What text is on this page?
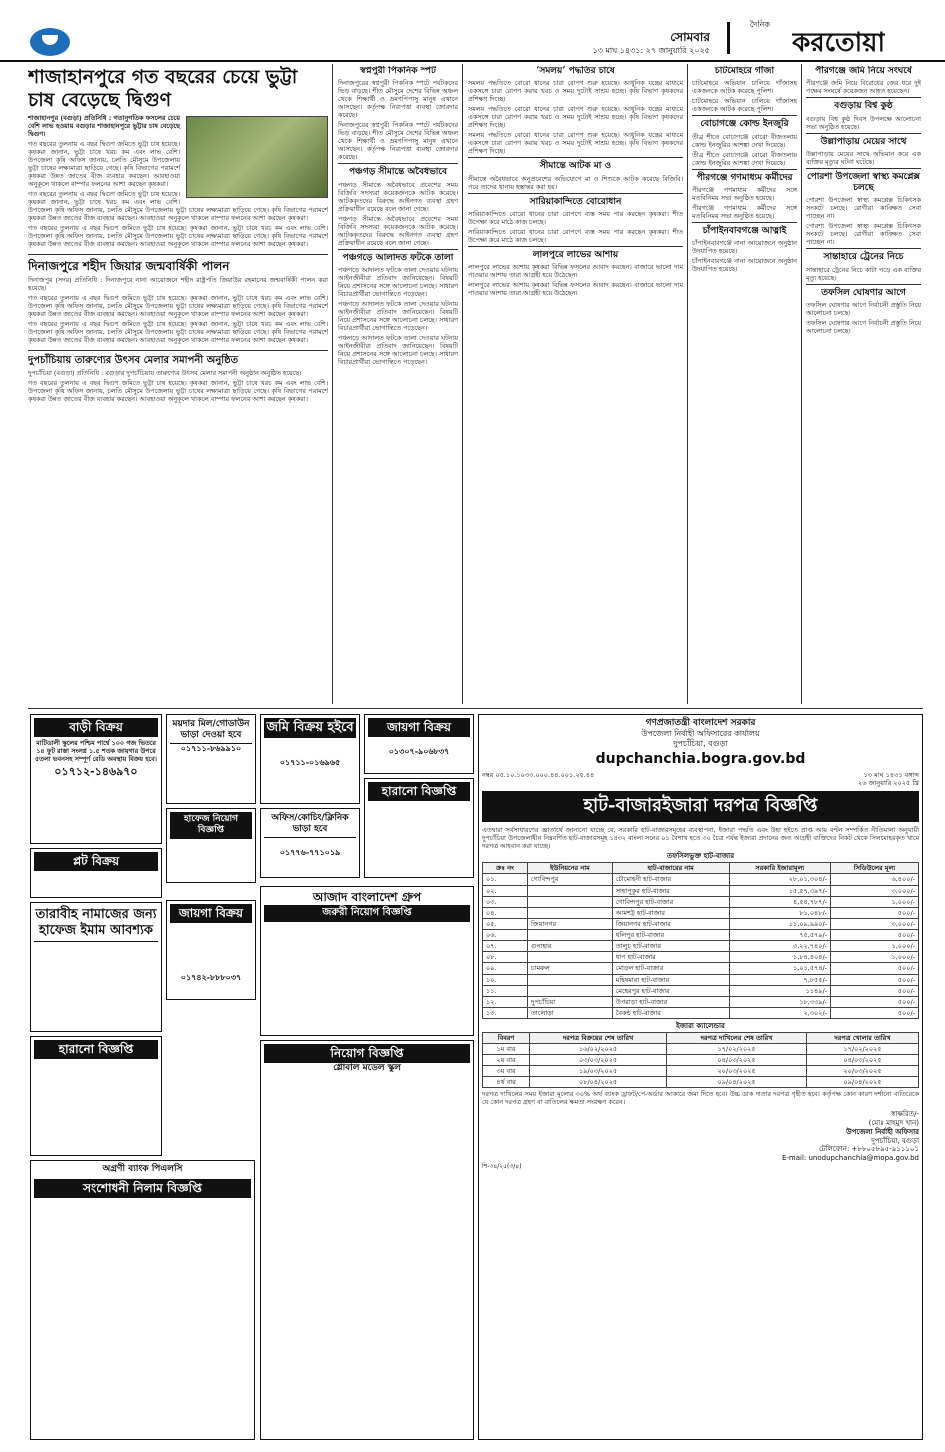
সোমবার
১৩ মাঘ ১৪৩১: ২৭ জানুয়ারি ২০২৫
দৈনিক
করতোয়া
শাজাহানপুরে গত বছরের চেয়ে ভুট্টা চাষ বেড়েছে দ্বিগুণ

শাজাহানপুর (বগুড়া) প্রতিনিধি : গতানুগতিক ফসলের চেয়ে বেশি লাভ হওয়ায় বগুড়ার শাজাহানপুরে ভুট্টার চাষ বেড়েছে দ্বিগুণ।

গত বছরের তুলনায় এ বছর দ্বিগুণ জমিতে ভুট্টা চাষ হয়েছে। কৃষকরা জানান, ভুট্টা চাষে খরচ কম এবং লাভ বেশি। উপজেলা কৃষি অফিস জানায়, চলতি মৌসুমে উপজেলায় ভুট্টা চাষের লক্ষ্যমাত্রা ছাড়িয়ে গেছে। কৃষি বিভাগের পরামর্শে কৃষকরা উন্নত জাতের বীজ ব্যবহার করছেন। আবহাওয়া অনুকূলে থাকলে বাম্পার ফলনের আশা করছেন কৃষকরা।

গত বছরের তুলনায় এ বছর দ্বিগুণ জমিতে ভুট্টা চাষ হয়েছে। কৃষকরা জানান, ভুট্টা চাষে খরচ কম এবং লাভ বেশি। উপজেলা কৃষি অফিস জানায়, চলতি মৌসুমে উপজেলায় ভুট্টা চাষের লক্ষ্যমাত্রা ছাড়িয়ে গেছে। কৃষি বিভাগের পরামর্শে কৃষকরা উন্নত জাতের বীজ ব্যবহার করছেন। আবহাওয়া অনুকূলে থাকলে বাম্পার ফলনের আশা করছেন কৃষকরা।

গত বছরের তুলনায় এ বছর দ্বিগুণ জমিতে ভুট্টা চাষ হয়েছে। কৃষকরা জানান, ভুট্টা চাষে খরচ কম এবং লাভ বেশি। উপজেলা কৃষি অফিস জানায়, চলতি মৌসুমে উপজেলায় ভুট্টা চাষের লক্ষ্যমাত্রা ছাড়িয়ে গেছে। কৃষি বিভাগের পরামর্শে কৃষকরা উন্নত জাতের বীজ ব্যবহার করছেন। আবহাওয়া অনুকূলে থাকলে বাম্পার ফলনের আশা করছেন কৃষকরা।

দিনাজপুরে শহীদ জিয়ার জন্মবার্ষিকী পালন

দিনাজপুর (সদর) প্রতিনিধি : দিনাজপুরে নানা আয়োজনে শহীদ রাষ্ট্রপতি জিয়াউর রহমানের জন্মবার্ষিকী পালন করা হয়েছে।

গত বছরের তুলনায় এ বছর দ্বিগুণ জমিতে ভুট্টা চাষ হয়েছে। কৃষকরা জানান, ভুট্টা চাষে খরচ কম এবং লাভ বেশি। উপজেলা কৃষি অফিস জানায়, চলতি মৌসুমে উপজেলায় ভুট্টা চাষের লক্ষ্যমাত্রা ছাড়িয়ে গেছে। কৃষি বিভাগের পরামর্শে কৃষকরা উন্নত জাতের বীজ ব্যবহার করছেন। আবহাওয়া অনুকূলে থাকলে বাম্পার ফলনের আশা করছেন কৃষকরা।

গত বছরের তুলনায় এ বছর দ্বিগুণ জমিতে ভুট্টা চাষ হয়েছে। কৃষকরা জানান, ভুট্টা চাষে খরচ কম এবং লাভ বেশি। উপজেলা কৃষি অফিস জানায়, চলতি মৌসুমে উপজেলায় ভুট্টা চাষের লক্ষ্যমাত্রা ছাড়িয়ে গেছে। কৃষি বিভাগের পরামর্শে কৃষকরা উন্নত জাতের বীজ ব্যবহার করছেন। আবহাওয়া অনুকূলে থাকলে বাম্পার ফলনের আশা করছেন কৃষকরা।

দুপচাঁচিয়ায় তারুণ্যের উৎসব মেলার সমাপনী অনুষ্ঠিত

দুপচাঁচিয়া (বগুড়া) প্রতিনিধি : বগুড়ার দুপচাঁচিয়ায় তারুণ্যের উৎসব মেলার সমাপনী অনুষ্ঠান অনুষ্ঠিত হয়েছে।

গত বছরের তুলনায় এ বছর দ্বিগুণ জমিতে ভুট্টা চাষ হয়েছে। কৃষকরা জানান, ভুট্টা চাষে খরচ কম এবং লাভ বেশি। উপজেলা কৃষি অফিস জানায়, চলতি মৌসুমে উপজেলায় ভুট্টা চাষের লক্ষ্যমাত্রা ছাড়িয়ে গেছে। কৃষি বিভাগের পরামর্শে কৃষকরা উন্নত জাতের বীজ ব্যবহার করছেন। আবহাওয়া অনুকূলে থাকলে বাম্পার ফলনের আশা করছেন কৃষকরা।

স্বপ্নপুরী পিকনিক স্পট

দিনাজপুরের স্বপ্নপুরী পিকনিক স্পটে পর্যটকদের ভিড় বাড়ছে। শীত মৌসুমে দেশের বিভিন্ন অঞ্চল থেকে শিক্ষার্থী ও ভ্রমণপিপাসু মানুষ এখানে আসছেন। কর্তৃপক্ষ নিরাপত্তা ব্যবস্থা জোরদার করেছে।

দিনাজপুরের স্বপ্নপুরী পিকনিক স্পটে পর্যটকদের ভিড় বাড়ছে। শীত মৌসুমে দেশের বিভিন্ন অঞ্চল থেকে শিক্ষার্থী ও ভ্রমণপিপাসু মানুষ এখানে আসছেন। কর্তৃপক্ষ নিরাপত্তা ব্যবস্থা জোরদার করেছে।

পঞ্চগড় সীমান্তে অবৈধভাবে

পঞ্চগড় সীমান্তে অবৈধভাবে প্রবেশের সময় বিজিবি সদস্যরা কয়েকজনকে আটক করেছে। আটককৃতদের বিরুদ্ধে আইনগত ব্যবস্থা গ্রহণ প্রক্রিয়াধীন রয়েছে বলে জানা গেছে।

পঞ্চগড় সীমান্তে অবৈধভাবে প্রবেশের সময় বিজিবি সদস্যরা কয়েকজনকে আটক করেছে। আটককৃতদের বিরুদ্ধে আইনগত ব্যবস্থা গ্রহণ প্রক্রিয়াধীন রয়েছে বলে জানা গেছে।

পঞ্চগড়ে আলাদত ফটকে তালা

পঞ্চগড়ে আদালত ফটকে তালা দেওয়ার ঘটনায় আইনজীবীরা প্রতিবাদ জানিয়েছেন। বিষয়টি নিয়ে প্রশাসনের সঙ্গে আলোচনা চলছে। সাধারণ বিচারপ্রার্থীরা ভোগান্তিতে পড়েছেন।

পঞ্চগড়ে আদালত ফটকে তালা দেওয়ার ঘটনায় আইনজীবীরা প্রতিবাদ জানিয়েছেন। বিষয়টি নিয়ে প্রশাসনের সঙ্গে আলোচনা চলছে। সাধারণ বিচারপ্রার্থীরা ভোগান্তিতে পড়েছেন।

পঞ্চগড়ে আদালত ফটকে তালা দেওয়ার ঘটনায় আইনজীবীরা প্রতিবাদ জানিয়েছেন। বিষয়টি নিয়ে প্রশাসনের সঙ্গে আলোচনা চলছে। সাধারণ বিচারপ্রার্থীরা ভোগান্তিতে পড়েছেন।

‘সমলয়’ পদ্ধতির চাষে

সমলয় পদ্ধতিতে বোরো ধানের চারা রোপণ শুরু হয়েছে। আধুনিক যন্ত্রের মাধ্যমে একসঙ্গে চারা রোপণ করায় খরচ ও সময় দুটোই সাশ্রয় হচ্ছে। কৃষি বিভাগ কৃষকদের প্রশিক্ষণ দিচ্ছে।

সমলয় পদ্ধতিতে বোরো ধানের চারা রোপণ শুরু হয়েছে। আধুনিক যন্ত্রের মাধ্যমে একসঙ্গে চারা রোপণ করায় খরচ ও সময় দুটোই সাশ্রয় হচ্ছে। কৃষি বিভাগ কৃষকদের প্রশিক্ষণ দিচ্ছে।

সমলয় পদ্ধতিতে বোরো ধানের চারা রোপণ শুরু হয়েছে। আধুনিক যন্ত্রের মাধ্যমে একসঙ্গে চারা রোপণ করায় খরচ ও সময় দুটোই সাশ্রয় হচ্ছে। কৃষি বিভাগ কৃষকদের প্রশিক্ষণ দিচ্ছে।

সীমান্তে আটক মা ও

সীমান্তে অবৈধভাবে অনুপ্রবেশের অভিযোগে মা ও শিশুকে আটক করেছে বিজিবি। পরে তাদের থানায় হস্তান্তর করা হয়।

সারিয়াকান্দিতে বোরোধান

সারিয়াকান্দিতে বোরো ধানের চারা রোপণে ব্যস্ত সময় পার করছেন কৃষকরা। শীত উপেক্ষা করে মাঠে কাজ চলছে।

সারিয়াকান্দিতে বোরো ধানের চারা রোপণে ব্যস্ত সময় পার করছেন কৃষকরা। শীত উপেক্ষা করে মাঠে কাজ চলছে।

লালপুরে লাভের আশায়

লালপুরে লাভের আশায় কৃষকরা বিভিন্ন ফসলের আবাদ করছেন। বাজারে ভালো দাম পাওয়ার আশায় তারা আগ্রহী হয়ে উঠেছেন।

লালপুরে লাভের আশায় কৃষকরা বিভিন্ন ফসলের আবাদ করছেন। বাজারে ভালো দাম পাওয়ার আশায় তারা আগ্রহী হয়ে উঠেছেন।

চাটমোহরে গাঁজা

চাটমোহরে অভিযান চালিয়ে গাঁজাসহ একজনকে আটক করেছে পুলিশ।

চাটমোহরে অভিযান চালিয়ে গাঁজাসহ একজনকে আটক করেছে পুলিশ।

বোচাগঞ্জে কোল্ড ইনজুরি

তীব্র শীতে বোচাগঞ্জে বোরো বীজতলায় কোল্ড ইনজুরির আশঙ্কা দেখা দিয়েছে।

তীব্র শীতে বোচাগঞ্জে বোরো বীজতলায় কোল্ড ইনজুরির আশঙ্কা দেখা দিয়েছে।

পীরগঞ্জে গণমাধ্যম কর্মীদের

পীরগঞ্জে গণমাধ্যম কর্মীদের সঙ্গে মতবিনিময় সভা অনুষ্ঠিত হয়েছে।

পীরগঞ্জে গণমাধ্যম কর্মীদের সঙ্গে মতবিনিময় সভা অনুষ্ঠিত হয়েছে।

চাঁপাইনবাবগঞ্জে আত্নাই

চাঁপাইনবাবগঞ্জে নানা আয়োজনে অনুষ্ঠান উদযাপিত হয়েছে।

চাঁপাইনবাবগঞ্জে নানা আয়োজনে অনুষ্ঠান উদযাপিত হয়েছে।

পীরগঞ্জে জমি নিয়ে সংঘর্ষে

পীরগঞ্জে জমি নিয়ে বিরোধের জের ধরে দুই পক্ষের সংঘর্ষে কয়েকজন আহত হয়েছেন।

বগুড়ায় বিশ্ব কুষ্ঠ

বগুড়ায় বিশ্ব কুষ্ঠ দিবস উপলক্ষে আলোচনা সভা অনুষ্ঠিত হয়েছে।

উল্লাপাড়ায় মেয়ের সাথে

উল্লাপাড়ায় মেয়ের সাথে অভিমান করে এক ব্যক্তির মৃত্যুর ঘটনা ঘটেছে।

পোরশা উপজেলা স্বাস্থ্য কমপ্লেক্স চলছে

পোরশা উপজেলা স্বাস্থ্য কমপ্লেক্স চিকিৎসক সংকটে চলছে। রোগীরা কাঙ্ক্ষিত সেবা পাচ্ছেন না।

পোরশা উপজেলা স্বাস্থ্য কমপ্লেক্স চিকিৎসক সংকটে চলছে। রোগীরা কাঙ্ক্ষিত সেবা পাচ্ছেন না।

সান্তাহারে ট্রেনের নিচে

সান্তাহারে ট্রেনের নিচে কাটা পড়ে এক ব্যক্তির মৃত্যু হয়েছে।

তফসিল ঘোষণার আগে

তফসিল ঘোষণার আগে নির্বাচনী প্রস্তুতি নিয়ে আলোচনা চলছে।

তফসিল ঘোষণার আগে নির্বাচনী প্রস্তুতি নিয়ে আলোচনা চলছে।

বাড়ী বিক্রয়

মাটিডালী স্কুলের পশ্চিম পার্শ্বে ১০০ গজ ভিতরে ১৪ ফুট রাস্তা সংলগ্ন ১.৫ শতক জায়গার উপরে ৫তলা ভবনসহ সম্পূর্ণ রেডি অবস্থায় বিক্রয় হবে।

০১৭১২-১৪৬৯৭০
প্লট বিক্রয়
তারাবীহ নামাজের জন্য হাফেজ ইমাম আবশ্যক
হারানো বিজ্ঞপ্তি
অগ্রণী ব্যাংক পিএলসি
সংশোধনী নিলাম বিজ্ঞপ্তি
ময়দার মিল/গোডাউন ভাড়া দেওয়া হবে
০১৭১১-৮৬৯৯১০
হাফেজ নিয়োগ বিজ্ঞপ্তি
জায়গা বিক্রয়
০১৭৪২-৮৮৮০৩৭
জমি বিক্রয় হইবে
০১৭১১-০১৬৯৬৫
অফিস/কোচিং/ক্লিনিক ভাড়া হবে
০১৭৭৬-৭৭১০১৯
জায়গা বিক্রয়
০১৩০৭-৯০৬৮৩৭
হারানো বিজ্ঞপ্তি
আজাদ বাংলাদেশ গ্রুপ
জরুরী নিয়োগ বিজ্ঞপ্তি
নিয়োগ বিজ্ঞপ্তি
গ্লোবাল মডেল স্কুল
গণপ্রজাতন্ত্রী বাংলাদেশ সরকার
উপজেলা নির্বাহী অফিসারের কার্যালয়
দুপচাঁচিয়া, বগুড়া
dupchanchia.bogra.gov.bd
নম্বর ০৫.১০.১০৩৩.০০০.৪৪.০০১.২৫.৪৪	১৩ মাঘ ১৪৩১ বঙ্গাব্দ
২৬ জানুয়ারি ২০২৫ খ্রি
হাট-বাজারইজারা দরপত্র বিজ্ঞপ্তি

এতদ্বারা সর্বসাধারণের জ্ঞাতার্থে জানানো যাচ্ছে যে, সরকারি হাট-বাজারসমূহের ব্যবস্থাপনা, ইজারা পদ্ধতি এবং উহা হইতে প্রাপ্ত আয় বণ্টন সম্পর্কিত নীতিমালা অনুযায়ী দুপচাঁচিয়া উপজেলাধীন নিম্নবর্ণিত হাট-বাজারসমূহ ১৪৩২ বাংলা সনের ০১ বৈশাখ হতে ৩০ চৈত্র পর্যন্ত ইজারা প্রদানের জন্য আগ্রহী ব্যক্তিদের নিকট থেকে সিলমোহরকৃত খামে দরপত্র আহবান করা যাচ্ছে।

তফসিলভুক্ত হাট-বাজার
ক্রঃ নং	ইউনিয়নের নাম	হাট-বাজারের নাম	সরকারি ইজারামূল্য	সিডিউলের মূল্য
০১.	গোবিন্দপুর	চৌমোহনী হাট-বাজার	২৮,০১,৩০৪/-	৬,৪০০/-
০২.		সাহাপুকুর হাট-বাজার	১৫,৫৭,৩৯৭/-	৩,০০০/-
০৩.		গোবিন্দপুর হাট-বাজার	৪,৫৪,৭৮৭/-	১,০০০/-
০৪.		আমশট্ট হাট-বাজার	৮১,০৪৮/-	৫০০/-
০৫.	জিয়ানগর	জিয়ানগর হাট-বাজার	১১,০৯,৯৯০/-	৩,০০০/-
০৬.		ধলিপুর হাট-বাজার	৭৫,৫৭৯/-	৫০০/-
০৭.	গুনাহার	তালুচ হাট-বাজার	৩,২২,৭৪০/-	১,০০০/-
০৮.		ধাপ হাট-বাজার	১,৮৪,৪০৪/-	১,০০০/-
০৯.	চামরুল	মোড়ল হাট-বাজার	১,০১,৫৭৪/-	৫০০/-
১০.		মহিষমারা হাট-বাজার	৭,৮৫৫/-	৫০০/-
১১.		মেহেরপুর হাট-বাজার	১১৪৯/-	৫০০/-
১২.	দুপচাঁচিয়া	উপরাড়া হাট-বাজার	১৮,৩৩৯/-	৫০০/-
১৩.	তালোড়া	বৈকন্ঠ হাট-বাজার	২,৩০২/-	৫০০/-
ইজারা ক্যালেন্ডার
বিবরণ	দরপত্র বিক্রয়ের শেষ তারিখ	দরপত্র দাখিলের শেষ তারিখ	দরপত্র খোলার তারিখ
১ম বার	১৬/০২/২০২৫	১৭/০২/২০২৫	১৭/০২/২০২৫
২য় বার	০৩/০৩/২০২৫	০৪/০৩/২০২৫	০৪/০৩/২০২৫
৩য় বার	১৯/০৩/২০২৫	২০/০৩/২০২৫	২০/০৩/২০২৫
৪র্থ বার	০৮/০৪/২০২৫	০৯/০৪/২০২৫	০৯/০৪/২০২৫

দরপত্র দাখিলের সময় ইজারা মূল্যের ৩০% অর্থ ব্যাংক ড্রাফট/পে-অর্ডার আকারে জমা দিতে হবে। উচ্চ ডাক দাতার দরপত্র গৃহীত হবে। কর্তৃপক্ষ কোন কারণ দর্শানো ব্যতিরেকে যে কোন দরপত্র গ্রহণ বা বাতিলের ক্ষমতা সংরক্ষণ করেন।

স্বাক্ষরিত/-
(মোঃ মাহমুদ খান)
উপজেলা নির্বাহী অফিসার
দুপচাঁচিয়া, বগুড়া
টেলিফোন: +৮৮০৫৮৯৫-৯১১১০১
E-mail: unodupchanchia@mopa.gov.bd
শি-৩৪/২৫(৩/৪)
